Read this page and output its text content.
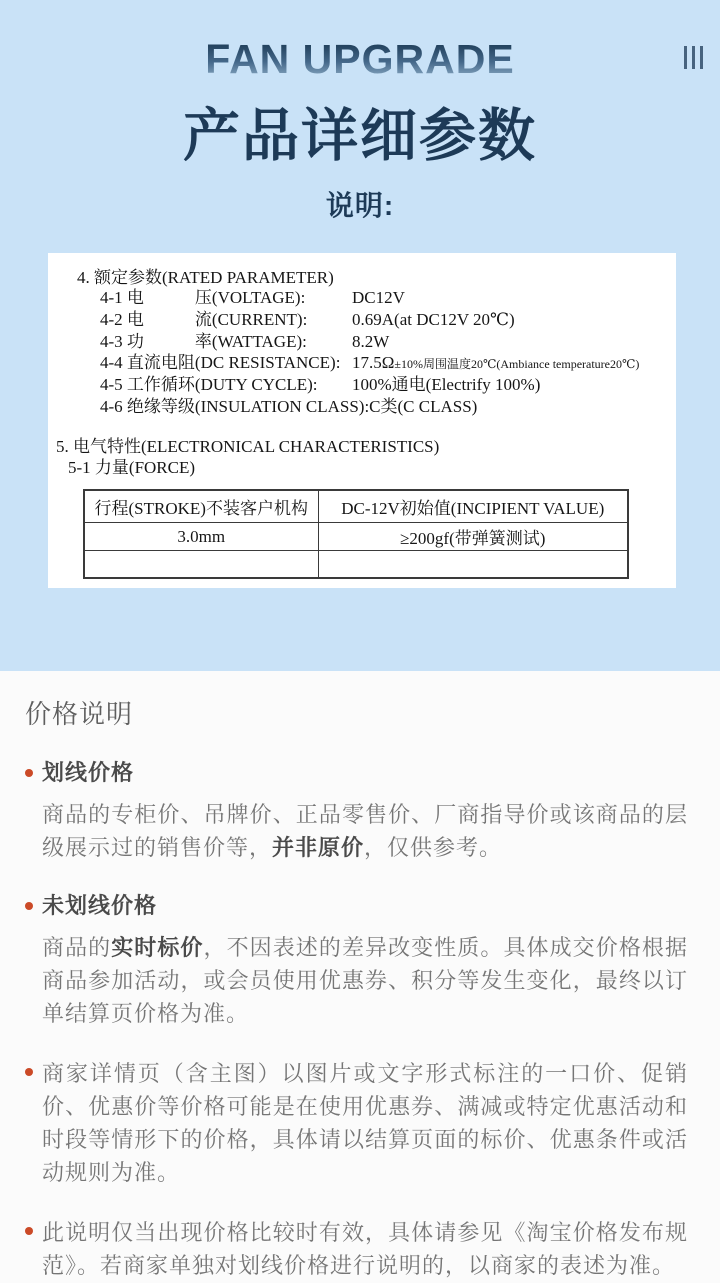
FAN UPGRADE
产品详细参数
说明:
4. 额定参数(RATED PARAMETER)
4-1 电　　　压(VOLTAGE):	DC12V
4-2 电　　　流(CURRENT):	0.69A(at DC12V 20℃)
4-3 功　　　率(WATTAGE):	8.2W
4-4 直流电阻(DC RESISTANCE): 17.5Ω±10%周围温度20℃(Ambiance temperature20℃)
4-5 工作循环(DUTY CYCLE):	100%通电(Electrify 100%)
4-6 绝缘等级(INSULATION CLASS): C类(C CLASS)
5. 电气特性(ELECTRONICAL CHARACTERISTICS)
5-1 力量(FORCE)
行程(STROKE)不装客户机构	DC-12V初始值(INCIPIENT VALUE)
3.0mm	≥200gf(带弹簧测试)

价格说明
划线价格
商品的专柜价、吊牌价、正品零售价、厂商指导价或该商品的层级展示过的销售价等，并非原价，仅供参考。
未划线价格
商品的实时标价，不因表述的差异改变性质。具体成交价格根据商品参加活动，或会员使用优惠券、积分等发生变化，最终以订单结算页价格为准。
商家详情页（含主图）以图片或文字形式标注的一口价、促销价、优惠价等价格可能是在使用优惠券、满减或特定优惠活动和时段等情形下的价格，具体请以结算页面的标价、优惠条件或活动规则为准。
此说明仅当出现价格比较时有效，具体请参见《淘宝价格发布规范》。若商家单独对划线价格进行说明的，以商家的表述为准。
